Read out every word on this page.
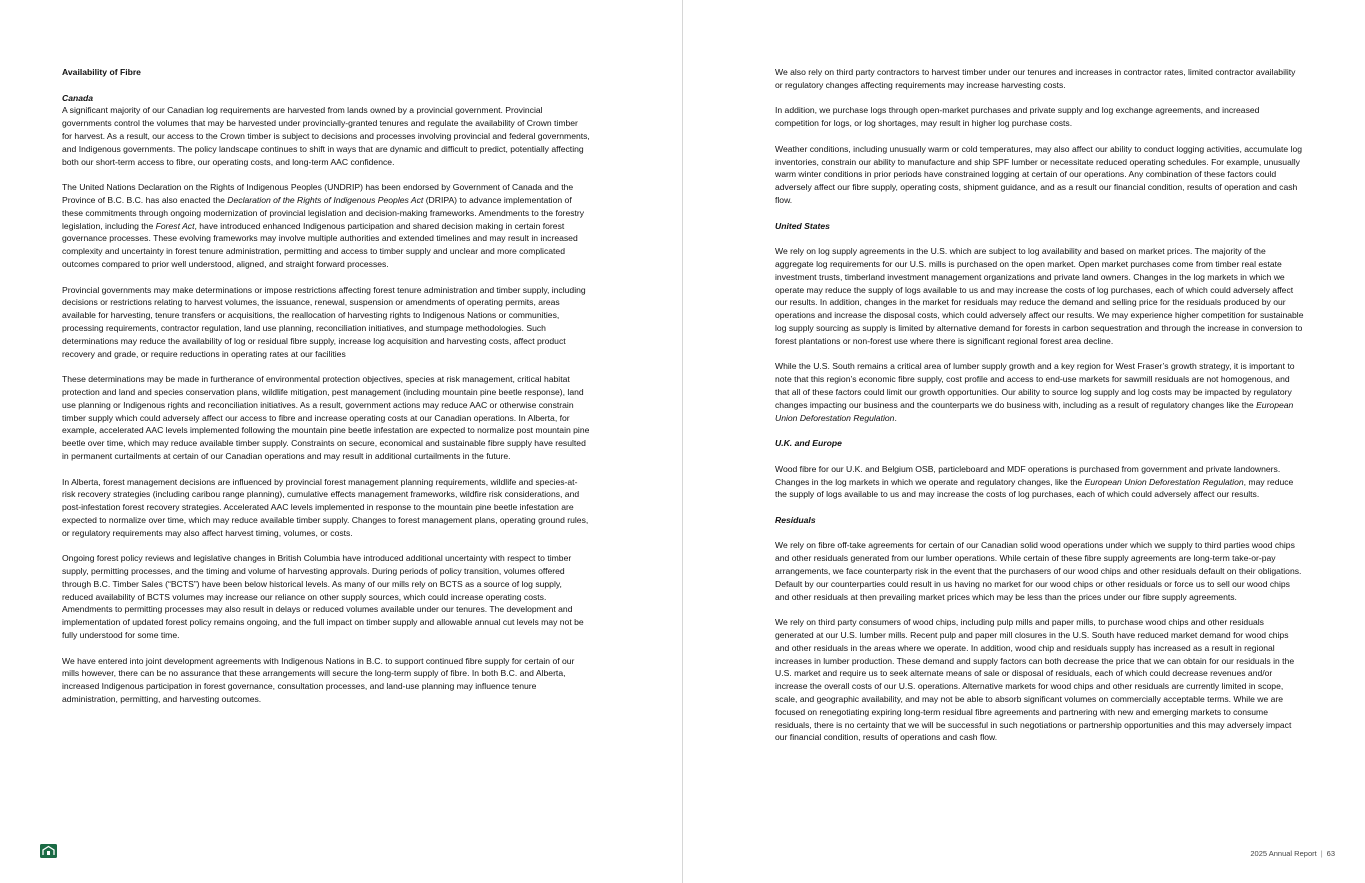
Availability of Fibre
Canada

A significant majority of our Canadian log requirements are harvested from lands owned by a provincial government. Provincial governments control the volumes that may be harvested under provincially-granted tenures and regulate the availability of Crown timber for harvest. As a result, our access to the Crown timber is subject to decisions and processes involving provincial and federal governments, and Indigenous governments. The policy landscape continues to shift in ways that are dynamic and difficult to predict, potentially affecting both our short-term access to fibre, our operating costs, and long-term AAC confidence.

The United Nations Declaration on the Rights of Indigenous Peoples (UNDRIP) has been endorsed by Government of Canada and the Province of B.C. B.C. has also enacted the Declaration of the Rights of Indigenous Peoples Act (DRIPA) to advance implementation of these commitments through ongoing modernization of provincial legislation and decision-making frameworks. Amendments to the forestry legislation, including the Forest Act, have introduced enhanced Indigenous participation and shared decision making in certain forest governance processes. These evolving frameworks may involve multiple authorities and extended timelines and may result in increased complexity and uncertainty in forest tenure administration, permitting and access to timber supply and unclear and more complicated outcomes compared to prior well understood, aligned, and straight forward processes.

Provincial governments may make determinations or impose restrictions affecting forest tenure administration and timber supply, including decisions or restrictions relating to harvest volumes, the issuance, renewal, suspension or amendments of operating permits, areas available for harvesting, tenure transfers or acquisitions, the reallocation of harvesting rights to Indigenous Nations or communities, processing requirements, contractor regulation, land use planning, reconciliation initiatives, and stumpage methodologies. Such determinations may reduce the availability of log or residual fibre supply, increase log acquisition and harvesting costs, affect product recovery and grade, or require reductions in operating rates at our facilities

These determinations may be made in furtherance of environmental protection objectives, species at risk management, critical habitat protection and land and species conservation plans, wildlife mitigation, pest management (including mountain pine beetle response), land use planning or Indigenous rights and reconciliation initiatives. As a result, government actions may reduce AAC or otherwise constrain timber supply which could adversely affect our access to fibre and increase operating costs at our Canadian operations. In Alberta, for example, accelerated AAC levels implemented following the mountain pine beetle infestation are expected to normalize post mountain pine beetle over time, which may reduce available timber supply. Constraints on secure, economical and sustainable fibre supply have resulted in permanent curtailments at certain of our Canadian operations and may result in additional curtailments in the future.

In Alberta, forest management decisions are influenced by provincial forest management planning requirements, wildlife and species-at-risk recovery strategies (including caribou range planning), cumulative effects management frameworks, wildfire risk considerations, and post-infestation forest recovery strategies. Accelerated AAC levels implemented in response to the mountain pine beetle infestation are expected to normalize over time, which may reduce available timber supply. Changes to forest management plans, operating ground rules, or regulatory requirements may also affect harvest timing, volumes, or costs.

Ongoing forest policy reviews and legislative changes in British Columbia have introduced additional uncertainty with respect to timber supply, permitting processes, and the timing and volume of harvesting approvals. During periods of policy transition, volumes offered through B.C. Timber Sales (“BCTS”) have been below historical levels. As many of our mills rely on BCTS as a source of log supply, reduced availability of BCTS volumes may increase our reliance on other supply sources, which could increase operating costs. Amendments to permitting processes may also result in delays or reduced volumes available under our tenures. The development and implementation of updated forest policy remains ongoing, and the full impact on timber supply and allowable annual cut levels may not be fully understood for some time.

We have entered into joint development agreements with Indigenous Nations in B.C. to support continued fibre supply for certain of our mills however, there can be no assurance that these arrangements will secure the long-term supply of fibre. In both B.C. and Alberta, increased Indigenous participation in forest governance, consultation processes, and land-use planning may influence tenure administration, permitting, and harvesting outcomes.

We also rely on third party contractors to harvest timber under our tenures and increases in contractor rates, limited contractor availability or regulatory changes affecting requirements may increase harvesting costs.

In addition, we purchase logs through open-market purchases and private supply and log exchange agreements, and increased competition for logs, or log shortages, may result in higher log purchase costs.

Weather conditions, including unusually warm or cold temperatures, may also affect our ability to conduct logging activities, accumulate log inventories, constrain our ability to manufacture and ship SPF lumber or necessitate reduced operating schedules. For example, unusually warm winter conditions in prior periods have constrained logging at certain of our operations. Any combination of these factors could adversely affect our fibre supply, operating costs, shipment guidance, and as a result our financial condition, results of operation and cash flow.

United States

We rely on log supply agreements in the U.S. which are subject to log availability and based on market prices. The majority of the aggregate log requirements for our U.S. mills is purchased on the open market. Open market purchases come from timber real estate investment trusts, timberland investment management organizations and private land owners. Changes in the log markets in which we operate may reduce the supply of logs available to us and may increase the costs of log purchases, each of which could adversely affect our results. In addition, changes in the market for residuals may reduce the demand and selling price for the residuals produced by our operations and increase the disposal costs, which could adversely affect our results. We may experience higher competition for sustainable log supply sourcing as supply is limited by alternative demand for forests in carbon sequestration and through the increase in conversion to forest plantations or non-forest use where there is significant regional forest area decline.

While the U.S. South remains a critical area of lumber supply growth and a key region for West Fraser’s growth strategy, it is important to note that this region’s economic fibre supply, cost profile and access to end-use markets for sawmill residuals are not homogenous, and that all of these factors could limit our growth opportunities. Our ability to source log supply and log costs may be impacted by regulatory changes impacting our business and the counterparts we do business with, including as a result of regulatory changes like the European Union Deforestation Regulation.

U.K. and Europe

Wood fibre for our U.K. and Belgium OSB, particleboard and MDF operations is purchased from government and private landowners. Changes in the log markets in which we operate and regulatory changes, like the European Union Deforestation Regulation, may reduce the supply of logs available to us and may increase the costs of log purchases, each of which could adversely affect our results.

Residuals

We rely on fibre off-take agreements for certain of our Canadian solid wood operations under which we supply to third parties wood chips and other residuals generated from our lumber operations. While certain of these fibre supply agreements are long-term take-or-pay arrangements, we face counterparty risk in the event that the purchasers of our wood chips and other residuals default on their obligations. Default by our counterparties could result in us having no market for our wood chips or other residuals or force us to sell our wood chips and other residuals at then prevailing market prices which may be less than the prices under our fibre supply agreements.

We rely on third party consumers of wood chips, including pulp mills and paper mills, to purchase wood chips and other residuals generated at our U.S. lumber mills. Recent pulp and paper mill closures in the U.S. South have reduced market demand for wood chips and other residuals in the areas where we operate. In addition, wood chip and residuals supply has increased as a result in regional increases in lumber production. These demand and supply factors can both decrease the price that we can obtain for our residuals in the U.S. market and require us to seek alternate means of sale or disposal of residuals, each of which could decrease revenues and/or increase the overall costs of our U.S. operations. Alternative markets for wood chips and other residuals are currently limited in scope, scale, and geographic availability, and may not be able to absorb significant volumes on commercially acceptable terms. While we are focused on renegotiating expiring long-term residual fibre agreements and partnering with new and emerging markets to consume residuals, there is no certainty that we will be successful in such negotiations or partnership opportunities and this may adversely impact our financial condition, results of operations and cash flow.

2025 Annual Report | 63
